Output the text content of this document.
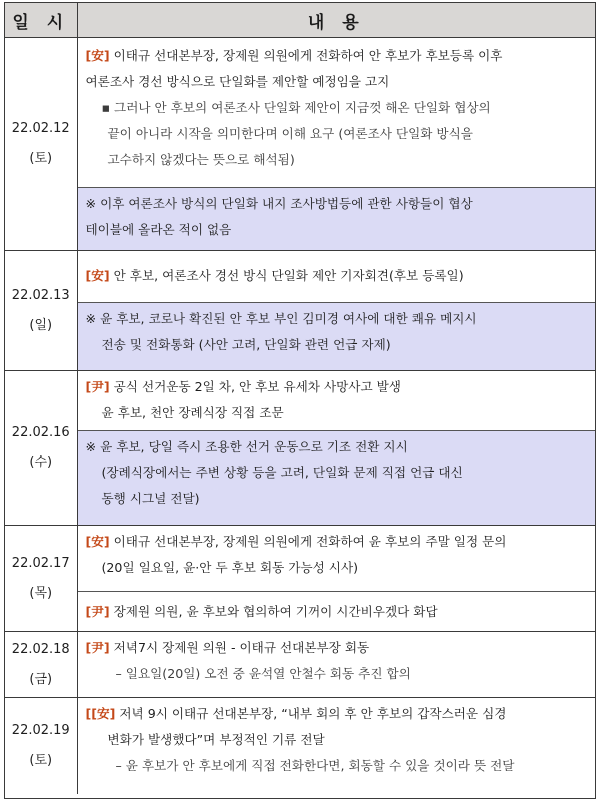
일 시	내 용

22.02.12
(토)	[安] 이태규 선대본부장, 장제원 의원에게 전화하여 안 후보가 후보등록 이후
여론조사 경선 방식으로 단일화를 제안할 예정임을 고지
▪ 그러나 안 후보의 여론조사 단일화 제안이 지금껏 해온 단일화 협상의
끝이 아니라 시작을 의미한다며 이해 요구 (여론조사 단일화 방식을
고수하지 않겠다는 뜻으로 해석됨)

	※ 이후 여론조사 방식의 단일화 내지 조사방법등에 관한 사항들이 협상
테이블에 올라온 적이 없음

22.02.13
(일)	[安] 안 후보, 여론조사 경선 방식 단일화 제안 기자회견(후보 등록일)

	※ 윤 후보, 코로나 확진된 안 후보 부인 김미경 여사에 대한 쾌유 메지시
전송 및 전화통화 (사안 고려, 단일화 관련 언급 자제)

22.02.16
(수)	[尹] 공식 선거운동 2일 차, 안 후보 유세차 사망사고 발생
윤 후보, 천안 장례식장 직접 조문

	※ 윤 후보, 당일 즉시 조용한 선거 운동으로 기조 전환 지시
(장례식장에서는 주변 상황 등을 고려, 단일화 문제 직접 언급 대신
동행 시그널 전달)

22.02.17
(목)	[安] 이태규 선대본부장, 장제원 의원에게 전화하여 윤 후보의 주말 일정 문의
(20일 일요일, 윤·안 두 후보 회동 가능성 시사)

	[尹] 장제원 의원, 윤 후보와 협의하여 기꺼이 시간비우겠다 화답

22.02.18
(금)	[尹] 저녁7시 장제원 의원 - 이태규 선대본부장 회동
– 일요일(20일) 오전 중 윤석열 안철수 회동 추진 합의

22.02.19
(토)	[[安] 저녁 9시 이태규 선대본부장, “내부 회의 후 안 후보의 갑작스러운 심경
변화가 발생했다”며 부정적인 기류 전달
– 윤 후보가 안 후보에게 직접 전화한다면, 회동할 수 있을 것이라 뜻 전달
